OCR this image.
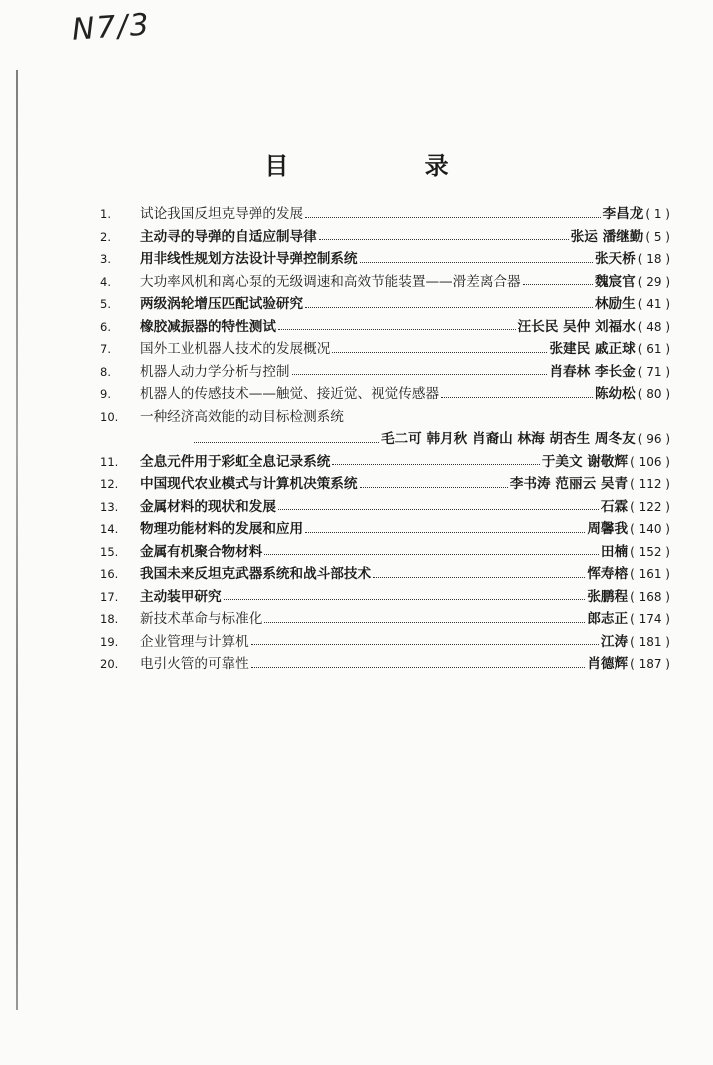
N7/3
目 录
1.	试论我国反坦克导弹的发展	李昌龙 ( 1 )
2.	主动寻的导弹的自适应制导律	张运 潘继勤 ( 5 )
3.	用非线性规划方法设计导弹控制系统	张天桥 ( 18 )
4.	大功率风机和离心泵的无级调速和高效节能装置——滑差离合器	魏宸官 ( 29 )
5.	两级涡轮增压匹配试验研究	林励生 ( 41 )
6.	橡胶减振器的特性测试	汪长民 吴仲 刘福水 ( 48 )
7.	国外工业机器人技术的发展概况	张建民 戚正球 ( 61 )
8.	机器人动力学分析与控制	肖春林 李长金 ( 71 )
9.	机器人的传感技术——触觉、接近觉、视觉传感器	陈幼松 ( 80 )
10.	一种经济高效能的动目标检测系统
毛二可 韩月秋 肖裔山 林海 胡杏生 周冬友 ( 96 )
11.	全息元件用于彩虹全息记录系统	于美文 谢敬辉 ( 106 )
12.	中国现代农业模式与计算机决策系统	李书涛 范丽云 吴青 ( 112 )
13.	金属材料的现状和发展	石霖 ( 122 )
14.	物理功能材料的发展和应用	周馨我 ( 140 )
15.	金属有机聚合物材料	田楠 ( 152 )
16.	我国未来反坦克武器系统和战斗部技术	恽寿榕 ( 161 )
17.	主动装甲研究	张鹏程 ( 168 )
18.	新技术革命与标准化	郎志正 ( 174 )
19.	企业管理与计算机	江涛 ( 181 )
20.	电引火管的可靠性	肖德辉 ( 187 )
